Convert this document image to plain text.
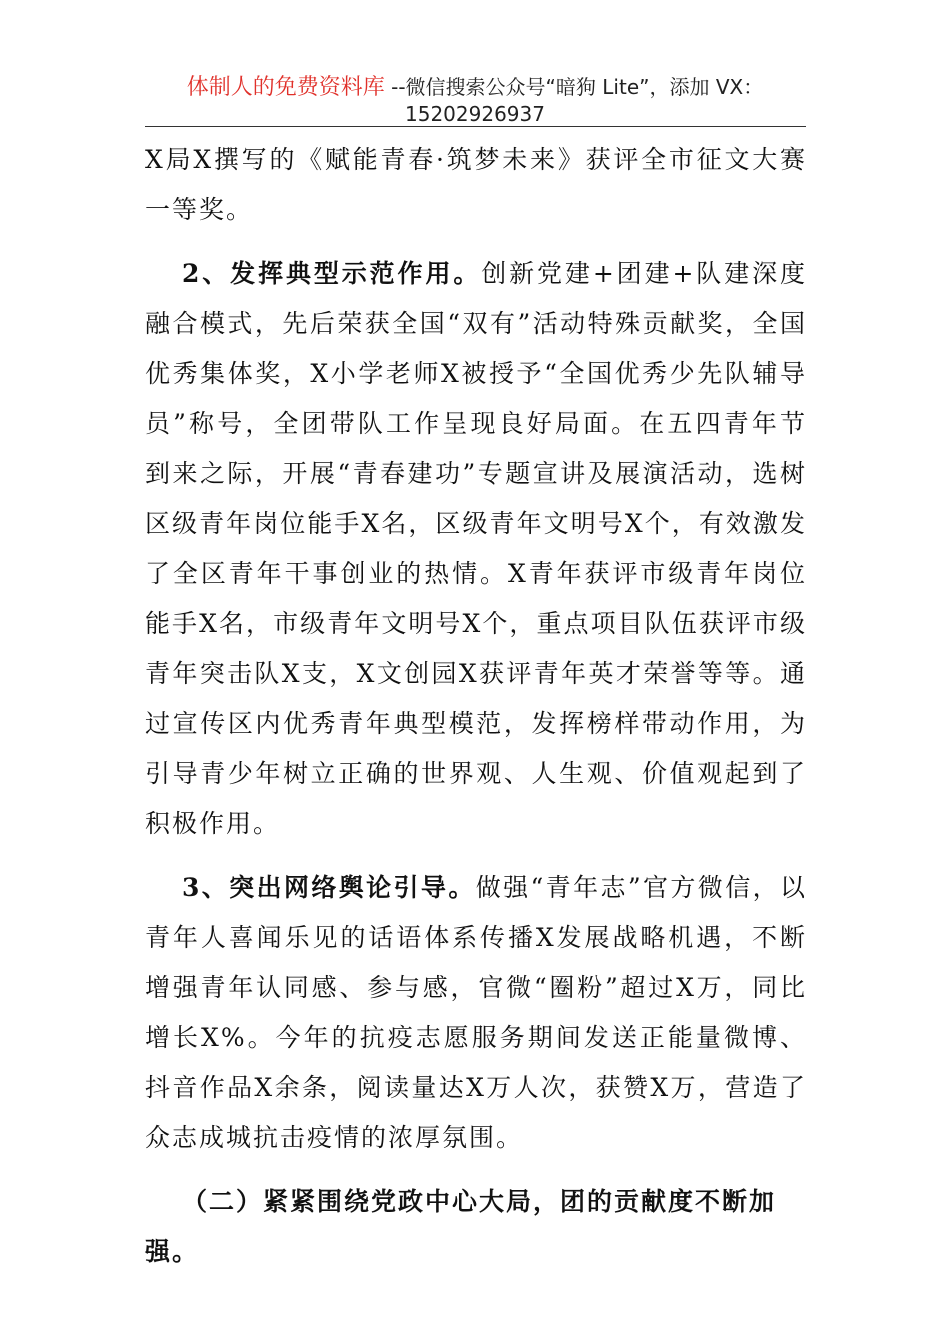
体制人的免费资料库 --微信搜索公众号“暗狗 Lite”，添加 VX：
15202926937

X局X撰写的《赋能青春·筑梦未来》获评全市征文大赛一等奖。

2、发挥典型示范作用。创新党建+团建+队建深度融合模式，先后荣获全国“双有”活动特殊贡献奖，全国优秀集体奖，X小学老师X被授予“全国优秀少先队辅导员”称号，全团带队工作呈现良好局面。在五四青年节到来之际，开展“青春建功”专题宣讲及展演活动，选树区级青年岗位能手X名，区级青年文明号X个，有效激发了全区青年干事创业的热情。X青年获评市级青年岗位能手X名，市级青年文明号X个，重点项目队伍获评市级青年突击队X支，X文创园X获评青年英才荣誉等等。通过宣传区内优秀青年典型模范，发挥榜样带动作用，为引导青少年树立正确的世界观、人生观、价值观起到了积极作用。

3、突出网络舆论引导。做强“青年志”官方微信，以青年人喜闻乐见的话语体系传播X发展战略机遇，不断增强青年认同感、参与感，官微“圈粉”超过X万，同比增长X%。今年的抗疫志愿服务期间发送正能量微博、抖音作品X余条，阅读量达X万人次，获赞X万，营造了众志成城抗击疫情的浓厚氛围。

（二）紧紧围绕党政中心大局，团的贡献度不断加强。
